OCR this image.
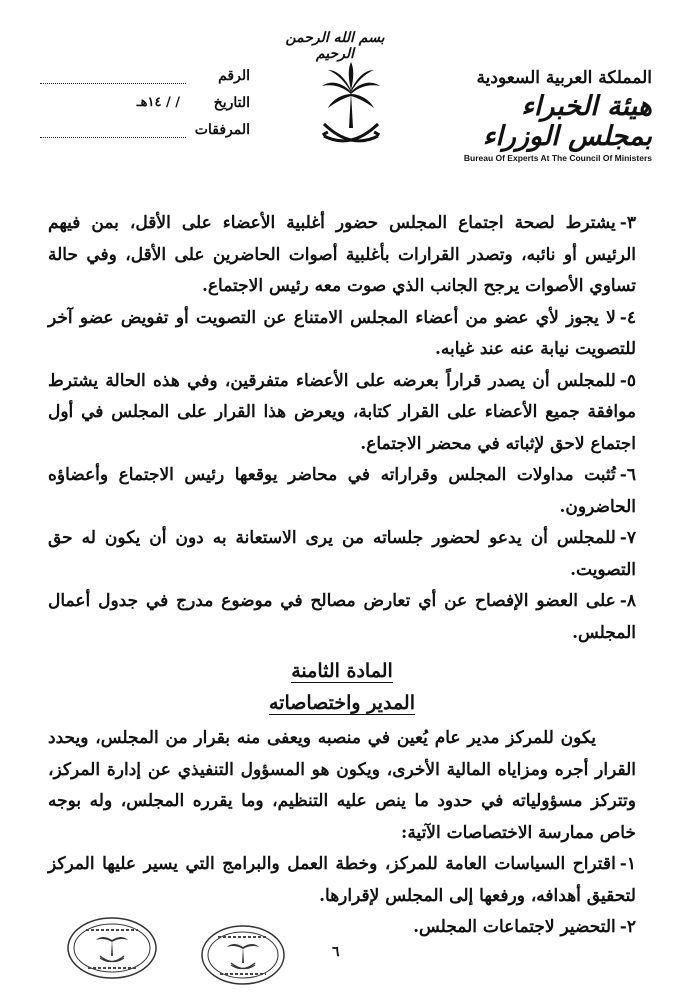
بسم الله الرحمن الرحيم
المملكة العربية السعودية
هيئة الخبراء بمجلس الوزراء
Bureau Of Experts At The Council Of Ministers
الرقم
التاريخ
/ / ١٤هـ
المرفقات

٣-يشترط لصحة اجتماع المجلس حضور أغلبية الأعضاء على الأقل، بمن فيهم الرئيس أو نائبه، وتصدر القرارات بأغلبية أصوات الحاضرين على الأقل، وفي حالة تساوي الأصوات يرجح الجانب الذي صوت معه رئيس الاجتماع.

٤-لا يجوز لأي عضو من أعضاء المجلس الامتناع عن التصويت أو تفويض عضو آخر للتصويت نيابة عنه عند غيابه.

٥-للمجلس أن يصدر قراراً بعرضه على الأعضاء متفرقين، وفي هذه الحالة يشترط موافقة جميع الأعضاء على القرار كتابة، ويعرض هذا القرار على المجلس في أول اجتماع لاحق لإثباته في محضر الاجتماع.

٦-تُثبت مداولات المجلس وقراراته في محاضر يوقعها رئيس الاجتماع وأعضاؤه الحاضرون.

٧-للمجلس أن يدعو لحضور جلساته من يرى الاستعانة به دون أن يكون له حق التصويت.

٨-على العضو الإفصاح عن أي تعارض مصالح في موضوع مدرج في جدول أعمال المجلس.

المادة الثامنة
المدير واختصاصاته

يكون للمركز مدير عام يُعين في منصبه ويعفى منه بقرار من المجلس، ويحدد القرار أجره ومزاياه المالية الأخرى، ويكون هو المسؤول التنفيذي عن إدارة المركز، وتتركز مسؤولياته في حدود ما ينص عليه التنظيم، وما يقرره المجلس، وله بوجه خاص ممارسة الاختصاصات الآتية:

١-اقتراح السياسات العامة للمركز، وخطة العمل والبرامج التي يسير عليها المركز لتحقيق أهدافه، ورفعها إلى المجلس لإقرارها.

٢-التحضير لاجتماعات المجلس.

٦
